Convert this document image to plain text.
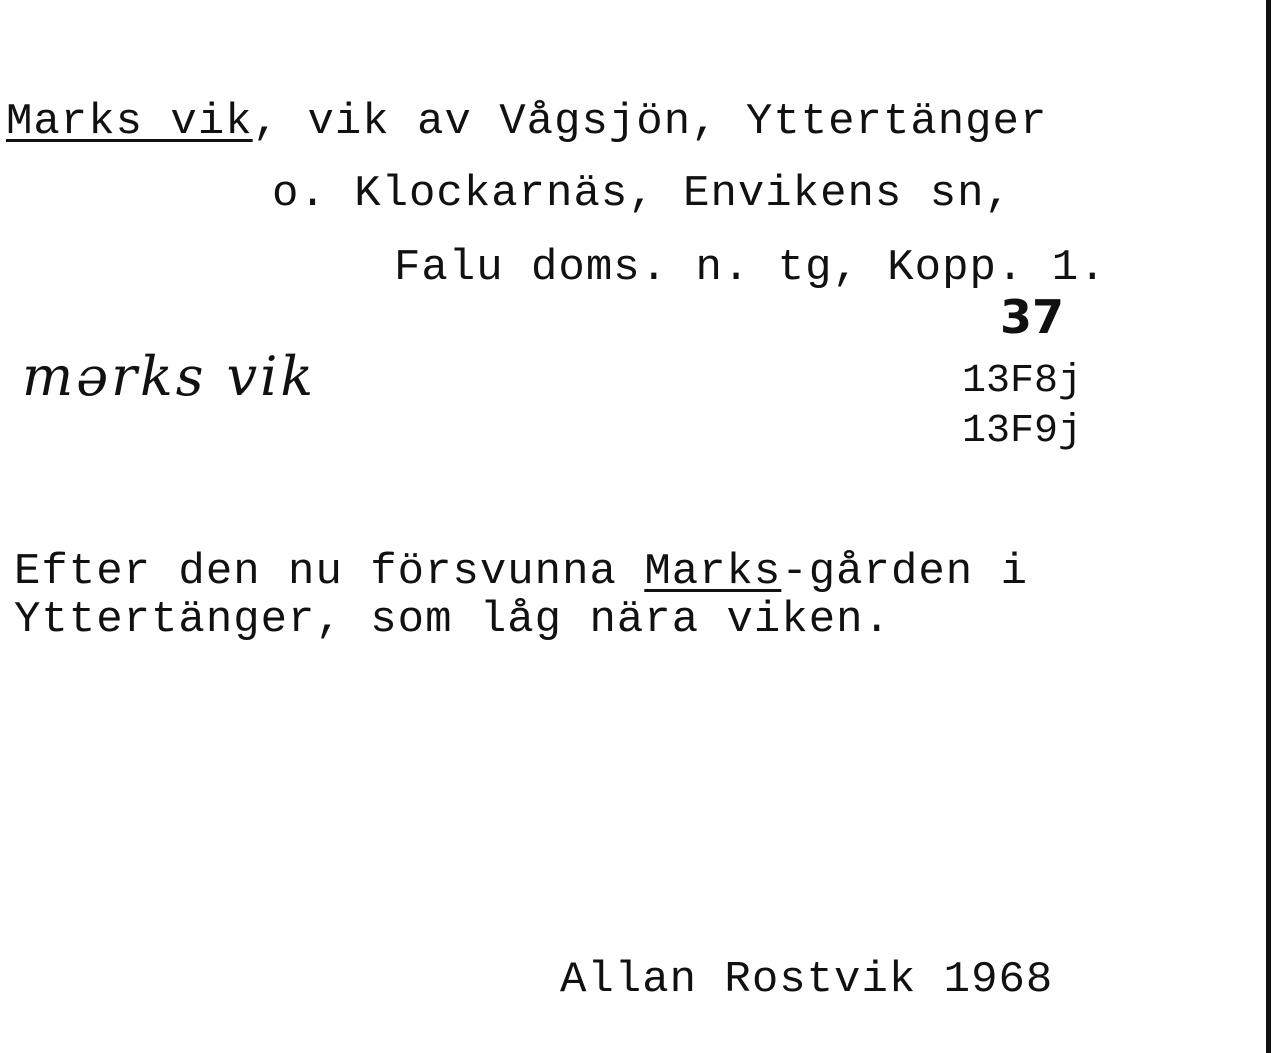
Marks vik, vik av Vågsjön, Yttertänger
o. Klockarnäs, Envikens sn,
Falu doms. n. tg, Kopp. 1.
37
mǝrks vik	13F8j
13F9j
Efter den nu försvunna Marks-gården i
Yttertänger, som låg nära viken.
Allan Rostvik 1968
